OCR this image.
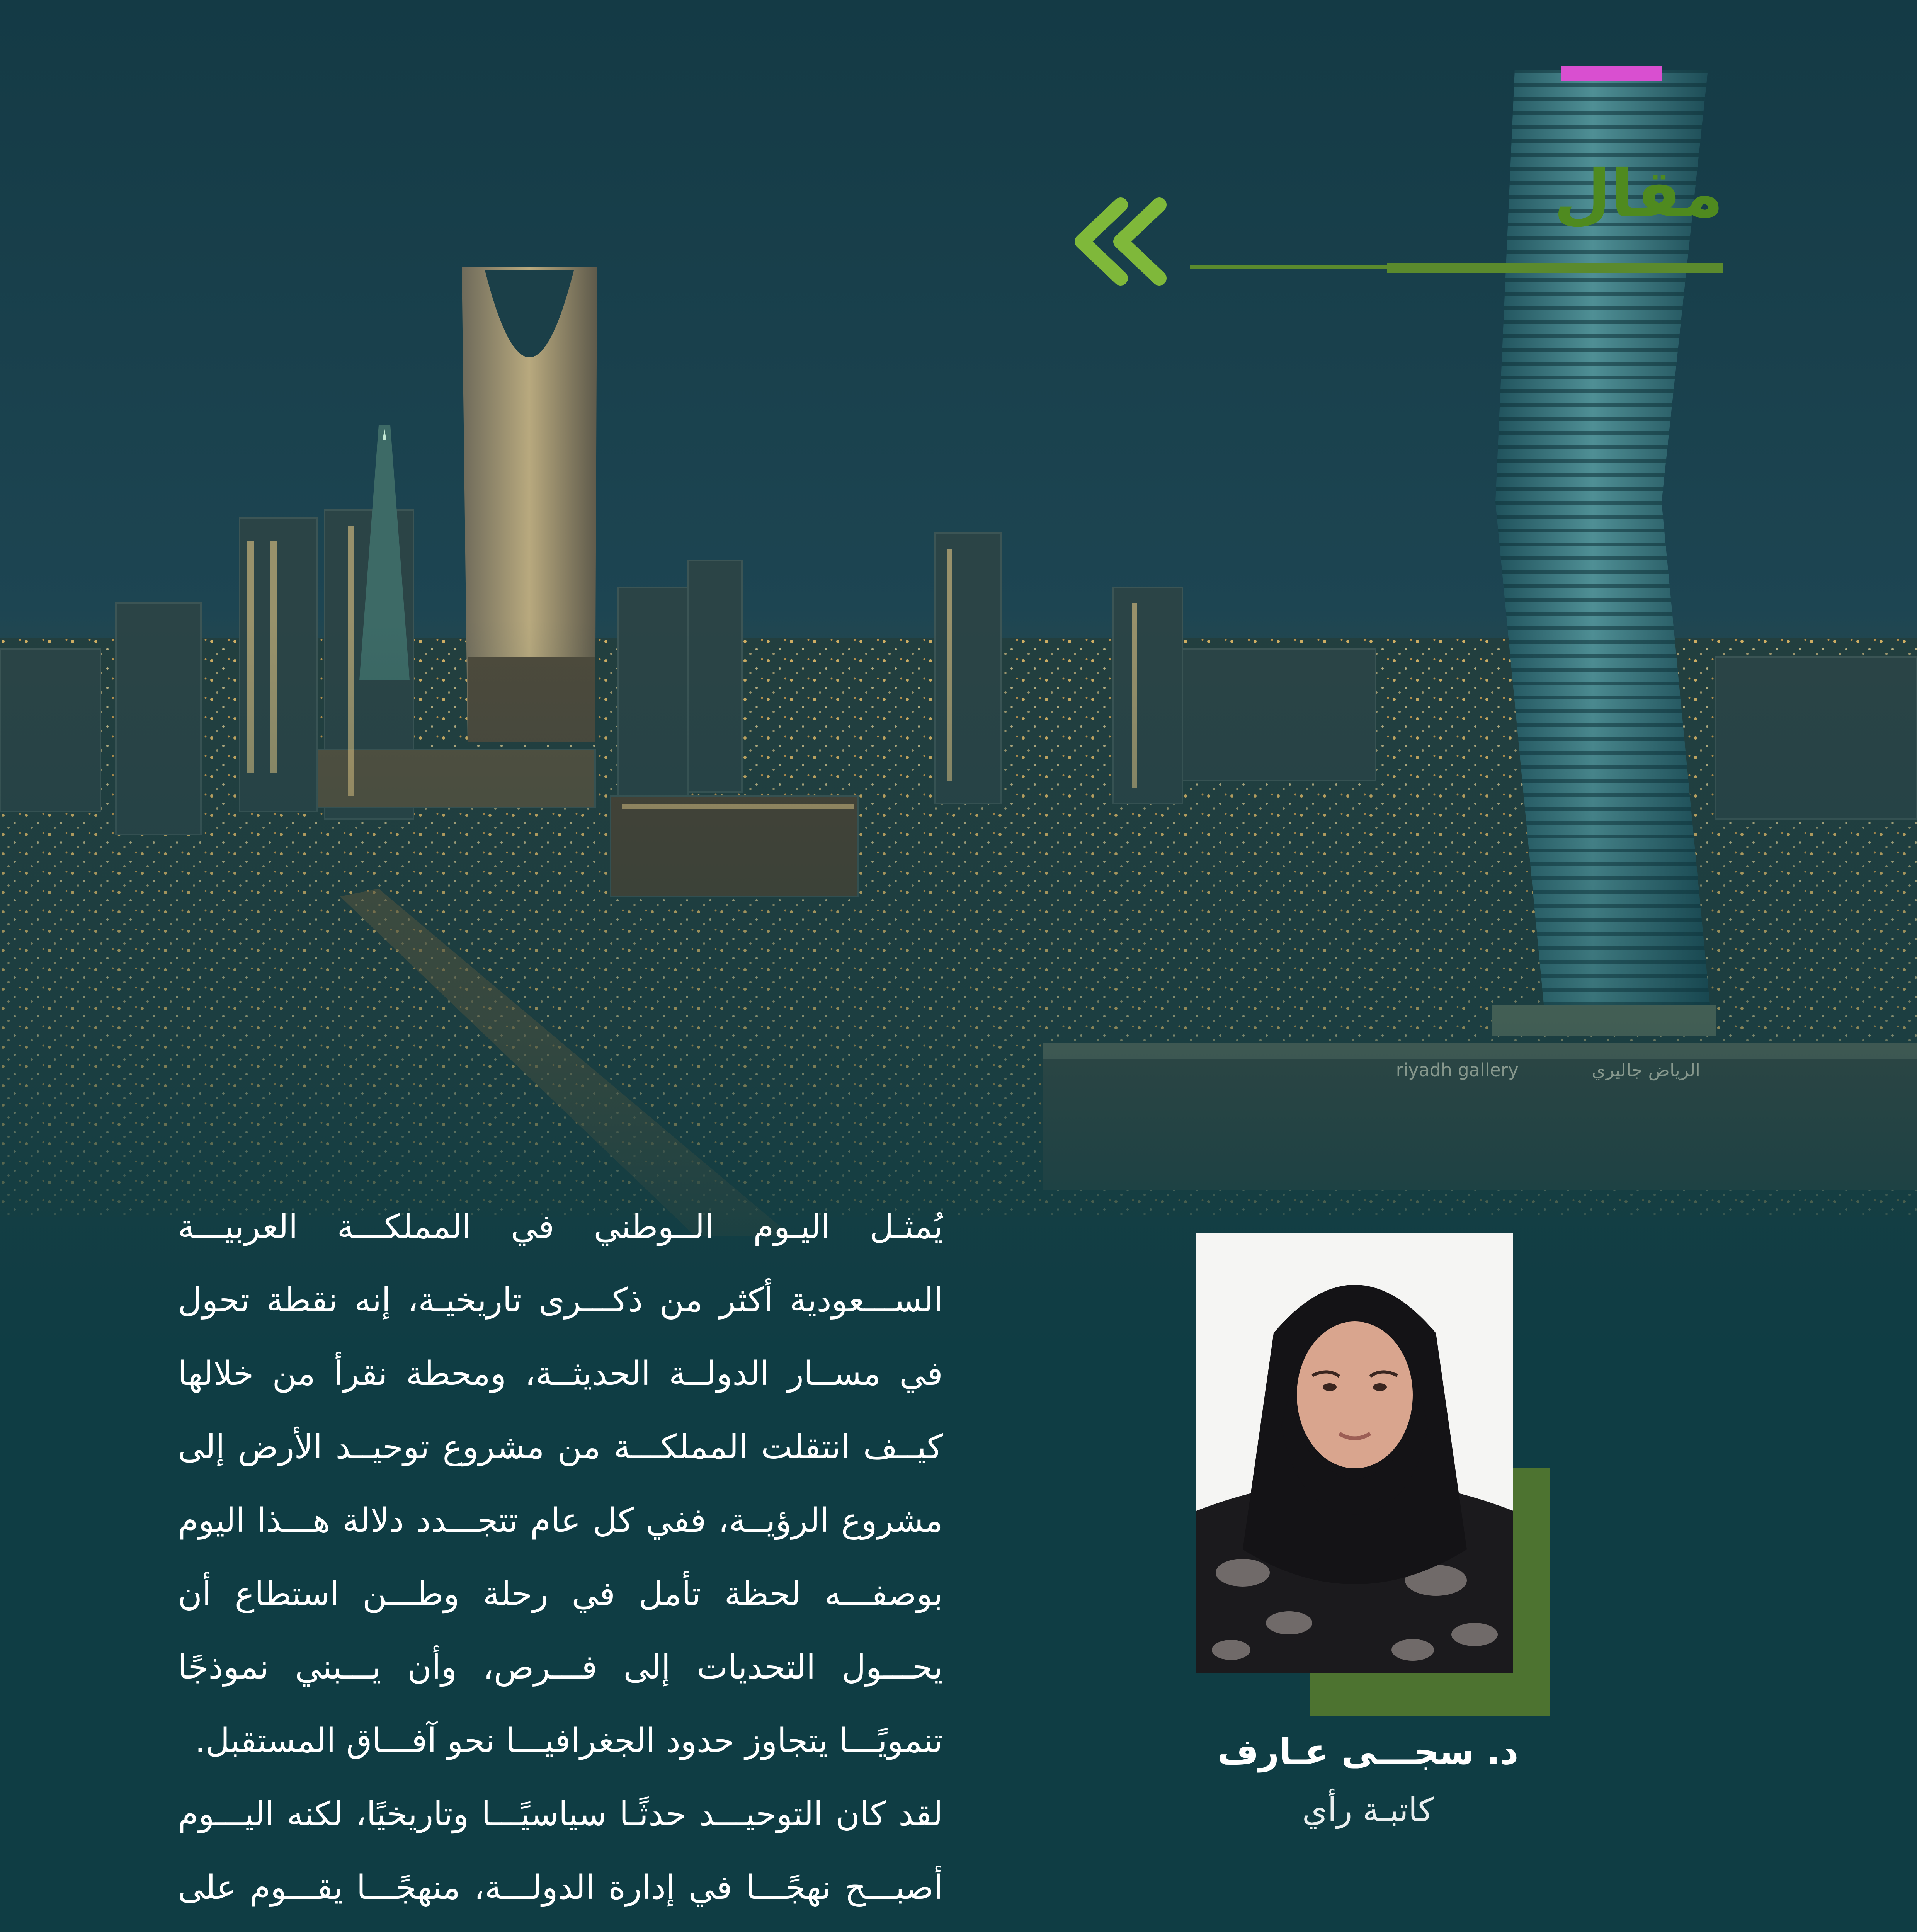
مقال
د. سجـــى عـارف
كاتبـة رأي

يُمثـل اليـوم الــوطني في المملكـــة العربيـــة الســـعودية أكثر من ذكـــرى تاريخيـة، إنه نقطة تحول في مســار الدولــة الحديثــة، ومحطة نقرأ من خلالها كيــف انتقلت المملكـــة من مشروع توحيــد الأرض إلى مشروع الرؤيــة، ففي كل عام تتجـــدد دلالة هـــذا اليوم بوصفـــه لحظة تأمل في رحلة وطـــن استطاع أن يحـــول التحديات إلى فـــرص، وأن يـــبني نموذجًا تنمويًـــا يتجاوز حدود الجغرافيـــا نحو آفـــاق المستقبل.

لقد كان التوحيـــد حدثًـا سياسيًـــا وتاريخيًا، لكنه اليـــوم أصبـــح نهجًـــا في إدارة الدولـــة، منهجًـــا يقـــوم على
